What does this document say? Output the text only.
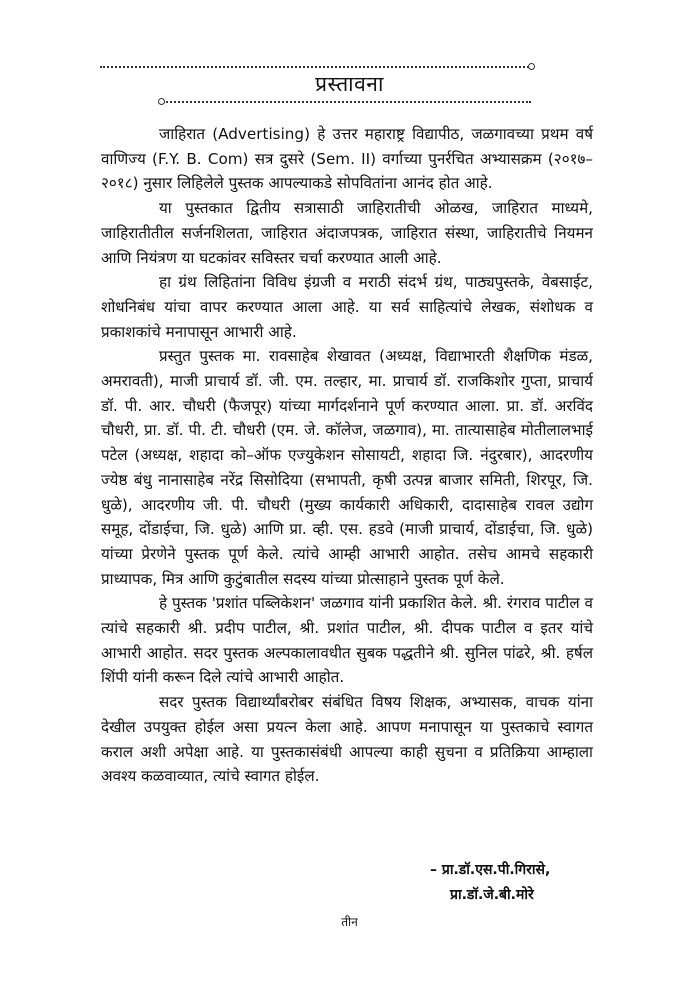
प्रस्तावना

जाहिरात (Advertising) हे उत्तर महाराष्ट्र विद्यापीठ, जळगावच्या प्रथम वर्ष वाणिज्य (F.Y. B. Com) सत्र दुसरे (Sem. II) वर्गाच्या पुनर्रचित अभ्यासक्रम (२०१७–२०१८) नुसार लिहिलेले पुस्तक आपल्याकडे सोपवितांना आनंद होत आहे.

या पुस्तकात द्वितीय सत्रासाठी जाहिरातीची ओळख, जाहिरात माध्यमे, जाहिरातीतील सर्जनशिलता, जाहिरात अंदाजपत्रक, जाहिरात संस्था, जाहिरातीचे नियमन आणि नियंत्रण या घटकांवर सविस्तर चर्चा करण्यात आली आहे.

हा ग्रंथ लिहितांना विविध इंग्रजी व मराठी संदर्भ ग्रंथ, पाठ्यपुस्तके, वेबसाईट, शोधनिबंध यांचा वापर करण्यात आला आहे. या सर्व साहित्यांचे लेखक, संशोधक व प्रकाशकांचे मनापासून आभारी आहे.

प्रस्तुत पुस्तक मा. रावसाहेब शेखावत (अध्यक्ष, विद्याभारती शैक्षणिक मंडळ, अमरावती), माजी प्राचार्य डॉ. जी. एम. तल्हार, मा. प्राचार्य डॉ. राजकिशोर गुप्ता, प्राचार्य डॉ. पी. आर. चौधरी (फैजपूर) यांच्या मार्गदर्शनाने पूर्ण करण्यात आला. प्रा. डॉ. अरविंद चौधरी, प्रा. डॉ. पी. टी. चौधरी (एम. जे. कॉलेज, जळगाव), मा. तात्यासाहेब मोतीलालभाई पटेल (अध्यक्ष, शहादा को–ऑफ एज्युकेशन सोसायटी, शहादा जि. नंदुरबार), आदरणीय ज्येष्ठ बंधु नानासाहेब नरेंद्र सिसोदिया (सभापती, कृषी उत्पन्न बाजार समिती, शिरपूर, जि. धुळे), आदरणीय जी. पी. चौधरी (मुख्य कार्यकारी अधिकारी, दादासाहेब रावल उद्योग समूह, दोंडाईचा, जि. धुळे) आणि प्रा. व्ही. एस. हडवे (माजी प्राचार्य, दोंडाईचा, जि. धुळे) यांच्या प्रेरणेने पुस्तक पूर्ण केले. त्यांचे आम्ही आभारी आहोत. तसेच आमचे सहकारी प्राध्यापक, मित्र आणि कुटुंबातील सदस्य यांच्या प्रोत्साहाने पुस्तक पूर्ण केले.

हे पुस्तक 'प्रशांत पब्लिकेशन' जळगाव यांनी प्रकाशित केले. श्री. रंगराव पाटील व त्यांचे सहकारी श्री. प्रदीप पाटील, श्री. प्रशांत पाटील, श्री. दीपक पाटील व इतर यांचे आभारी आहोत. सदर पुस्तक अल्पकालावधीत सुबक पद्धतीने श्री. सुनिल पांढरे, श्री. हर्षल शिंपी यांनी करून दिले त्यांचे आभारी आहोत.

सदर पुस्तक विद्यार्थ्यांबरोबर संबंधित विषय शिक्षक, अभ्यासक, वाचक यांना देखील उपयुक्त होईल असा प्रयत्न केला आहे. आपण मनापासून या पुस्तकाचे स्वागत कराल अशी अपेक्षा आहे. या पुस्तकासंबंधी आपल्या काही सुचना व प्रतिक्रिया आम्हाला अवश्य कळवाव्यात, त्यांचे स्वागत होईल.

– प्रा.डॉ.एस.पी.गिरासे,
प्रा.डॉ.जे.बी.मोरे
तीन
